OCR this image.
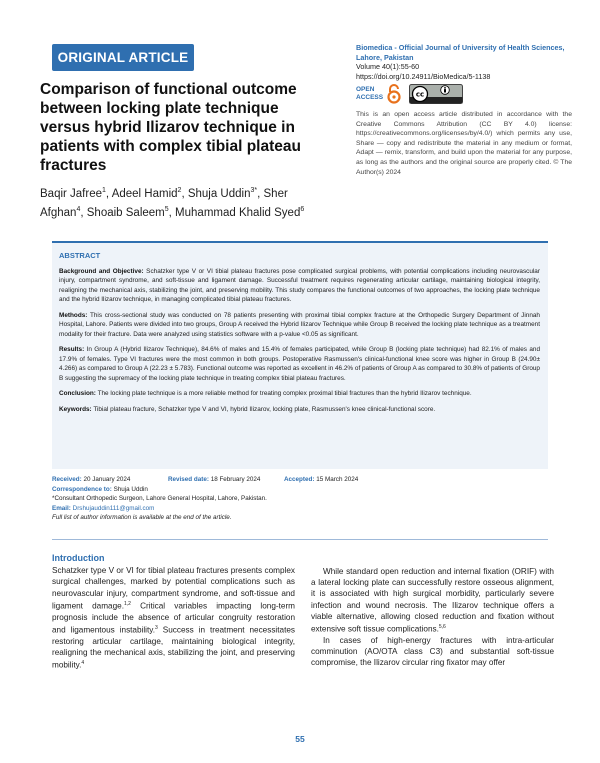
ORIGINAL ARTICLE
Comparison of functional outcome between locking plate technique versus hybrid Ilizarov technique in patients with complex tibial plateau fractures
Baqir Jafree$^1$, Adeel Hamid$^2$, Shuja Uddin$^{3*}$, Sher Afghan$^4$, Shoaib Saleem$^5$, Muhammad Khalid Syed$^6$
Biomedica - Official Journal of University of Health Sciences, Lahore, Pakistan
Volume 40(1):55-60
https://doi.org/10.24911/BioMedica/5-1138
OPEN
ACCESS	cc
This is an open access article distributed in accordance with the Creative Commons Attribution (CC BY 4.0) license: https://creativecommons.org/licenses/by/4.0/) which permits any use, Share — copy and redistribute the material in any medium or format, Adapt — remix, transform, and build upon the material for any purpose, as long as the authors and the original source are properly cited. © The Author(s) 2024
ABSTRACT

Background and Objective: Schatzker type V or VI tibial plateau fractures pose complicated surgical problems, with potential complications including neurovascular injury, compartment syndrome, and soft-tissue and ligament damage. Successful treatment requires regenerating articular cartilage, maintaining biological integrity, realigning the mechanical axis, stabilizing the joint, and preserving mobility. This study compares the functional outcomes of two approaches, the locking plate technique and the hybrid Ilizarov technique, in managing complicated tibial plateau fractures.

Methods: This cross-sectional study was conducted on 78 patients presenting with proximal tibial complex fracture at the Orthopedic Surgery Department of Jinnah Hospital, Lahore. Patients were divided into two groups, Group A received the Hybrid Ilizarov Technique while Group B received the locking plate technique as a treatment modality for their fracture. Data were analyzed using statistics software with a p-value <0.05 as significant.

Results: In Group A (Hybrid Ilizarov Technique), 84.6% of males and 15.4% of females participated, while Group B (locking plate technique) had 82.1% of males and 17.9% of females. Type VI fractures were the most common in both groups. Postoperative Rasmussen's clinical-functional knee score was higher in Group B (24.90± 4.266) as compared to Group A (22.23 ± 5.783). Functional outcome was reported as excellent in 46.2% of patients of Group A as compared to 30.8% of patients of Group B suggesting the supremacy of the locking plate technique in treating complex tibial plateau fractures.

Conclusion: The locking plate technique is a more reliable method for treating complex proximal tibial fractures than the hybrid Ilizarov technique.

Keywords: Tibial plateau fracture, Schatzker type V and VI, hybrid Ilizarov, locking plate, Rasmussen's knee clinical-functional score.

Received: 20 January 2024	Revised date: 18 February 2024	Accepted: 15 March 2024
Correspondence to: Shuja Uddin
*Consultant Orthopedic Surgeon, Lahore General Hospital, Lahore, Pakistan.
Email: Drshujauddin111@gmail.com
Full list of author information is available at the end of the article.
Introduction

Schatzker type V or VI for tibial plateau fractures presents complex surgical challenges, marked by potential complications such as neurovascular injury, compartment syndrome, and soft-tissue and ligament damage.$^{1,2}$ Critical variables impacting long-term prognosis include the absence of articular congruity restoration and ligamentous instability.$^3$ Success in treatment necessitates restoring articular cartilage, maintaining biological integrity, realigning the mechanical axis, stabilizing the joint, and preserving mobility.$^4$

While standard open reduction and internal fixation (ORIF) with a lateral locking plate can successfully restore osseous alignment, it is associated with high surgical morbidity, particularly severe infection and wound necrosis. The Ilizarov technique offers a viable alternative, allowing closed reduction and fixation without extensive soft tissue complications.$^{5,6}$

In cases of high-energy fractures with intra-articular comminution (AO/OTA class C3) and substantial soft-tissue compromise, the Ilizarov circular ring fixator may offer

55
